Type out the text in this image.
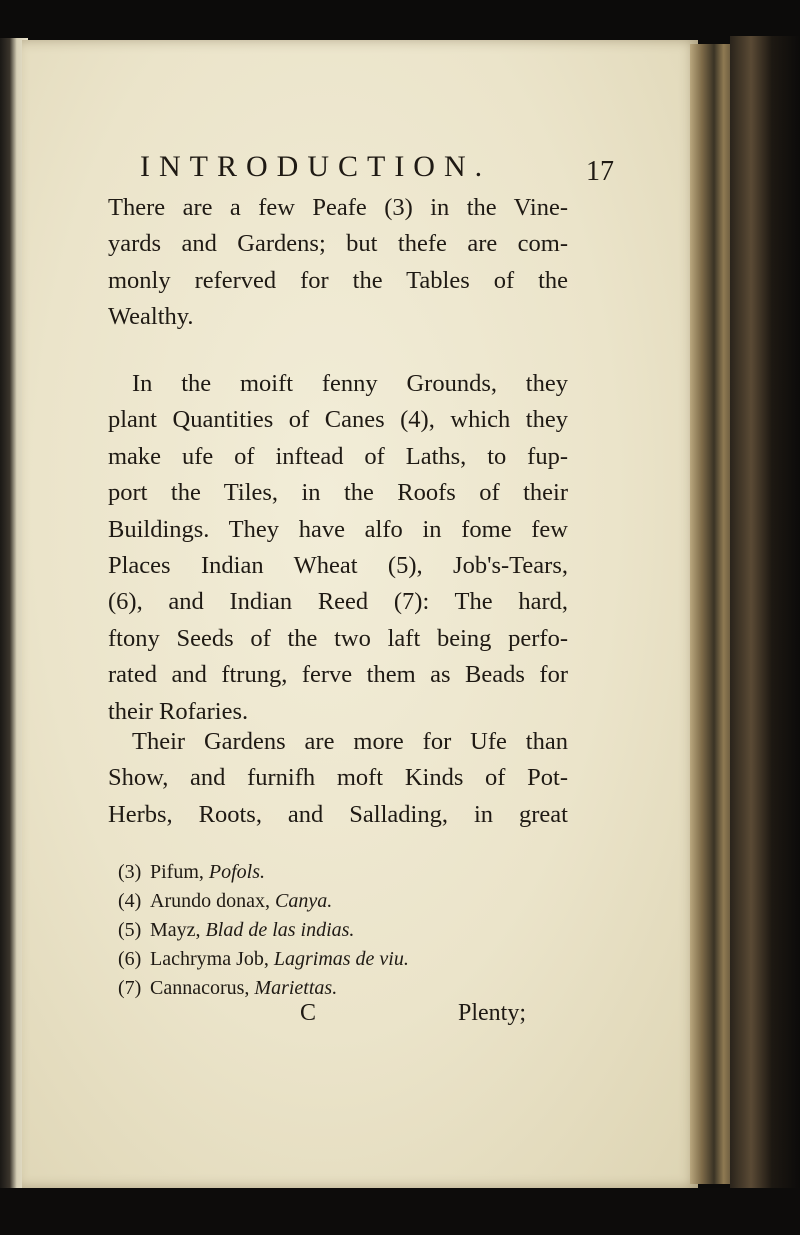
INTRODUCTION.	17
There are a few Peafe (3) in the Vine-
yards and Gardens; but thefe are com-
monly referved for the Tables of the
Wealthy.
In the moift fenny Grounds, they
plant Quantities of Canes (4), which they
make ufe of inftead of Laths, to fup-
port the Tiles, in the Roofs of their
Buildings. They have alfo in fome few
Places Indian Wheat (5), Job's-Tears,
(6), and Indian Reed (7): The hard,
ftony Seeds of the two laft being perfo-
rated and ftrung, ferve them as Beads for
their Rofaries.
Their Gardens are more for Ufe than
Show, and furnifh moft Kinds of Pot-
Herbs, Roots, and Sallading, in great
(3) Pifum, Pofols.
(4) Arundo donax, Canya.
(5) Mayz, Blad de las indias.
(6) Lachryma Job, Lagrimas de viu.
(7) Cannacorus, Mariettas.
C	Plenty;
